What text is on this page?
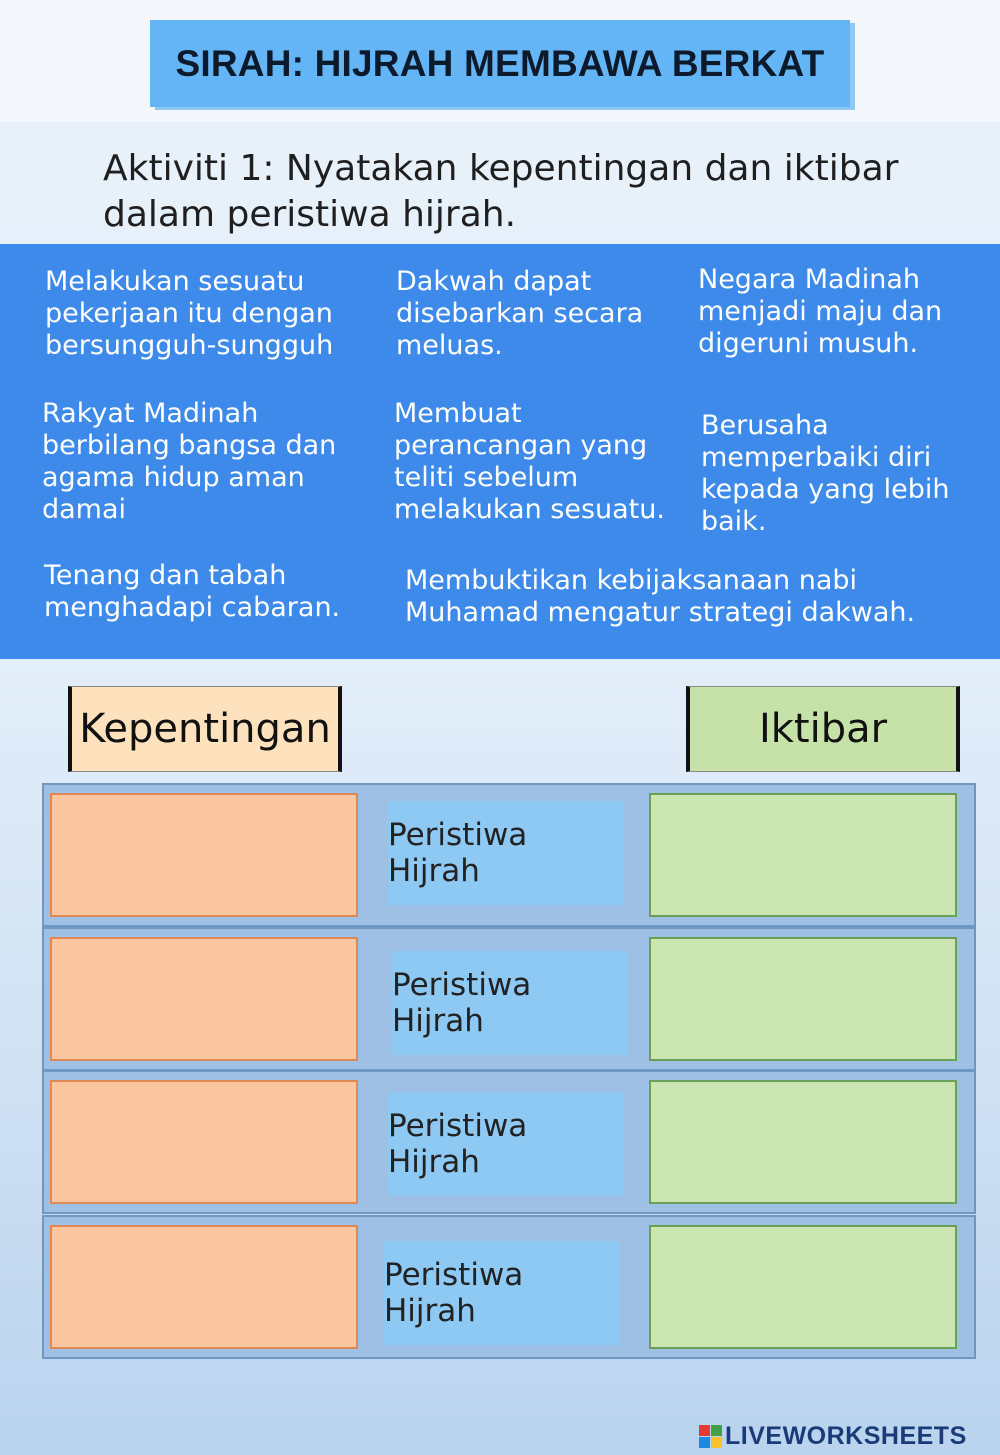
SIRAH: HIJRAH MEMBAWA BERKAT
Aktiviti 1: Nyatakan kepentingan dan iktibar
dalam peristiwa hijrah.
Melakukan sesuatu
pekerjaan itu dengan
bersungguh-sungguh
Dakwah dapat
disebarkan secara
meluas.
Negara Madinah
menjadi maju dan
digeruni musuh.
Rakyat Madinah
berbilang bangsa dan
agama hidup aman
damai
Membuat
perancangan yang
teliti sebelum
melakukan sesuatu.
Berusaha
memperbaiki diri
kepada yang lebih
baik.
Tenang dan tabah
menghadapi cabaran.
Membuktikan kebijaksanaan nabi
Muhamad mengatur strategi dakwah.
Kepentingan	Iktibar
Peristiwa Hijrah
Peristiwa Hijrah
Peristiwa Hijrah
Peristiwa Hijrah
LIVEWORKSHEETS
